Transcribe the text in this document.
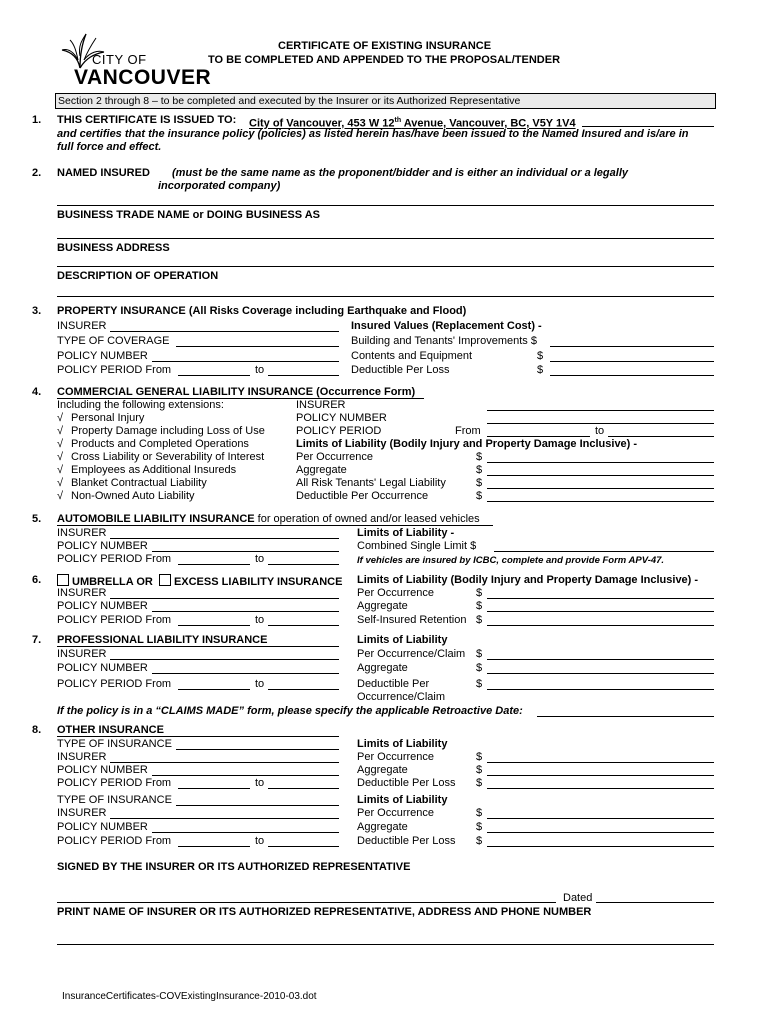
CITY OF
VANCOUVER
CERTIFICATE OF EXISTING INSURANCE
TO BE COMPLETED AND APPENDED TO THE PROPOSAL/TENDER
Section 2 through 8 – to be completed and executed by the Insurer or its Authorized Representative
1. THIS CERTIFICATE IS ISSUED TO: City of Vancouver, 453 W 12th Avenue, Vancouver, BC, V5Y 1V4
and certifies that the insurance policy (policies) as listed herein has/have been issued to the Named Insured and is/are in
full force and effect.
2. NAMED INSURED (must be the same name as the proponent/bidder and is either an individual or a legally
incorporated company)
BUSINESS TRADE NAME or DOING BUSINESS AS
BUSINESS ADDRESS
DESCRIPTION OF OPERATION
3. PROPERTY INSURANCE (All Risks Coverage including Earthquake and Flood)
INSURER
TYPE OF COVERAGE
POLICY NUMBER
POLICY PERIOD From	to
Insured Values (Replacement Cost) -
Building and Tenants' Improvements $
Contents and Equipment	$
Deductible Per Loss	$
4. COMMERCIAL GENERAL LIABILITY INSURANCE (Occurrence Form)
Including the following extensions:
√ Personal Injury
√ Property Damage including Loss of Use
√ Products and Completed Operations
√ Cross Liability or Severability of Interest
√ Employees as Additional Insureds
√ Blanket Contractual Liability
√ Non-Owned Auto Liability
INSURER
POLICY NUMBER
POLICY PERIOD	From	to
Limits of Liability (Bodily Injury and Property Damage Inclusive) -
Per Occurrence	$
Aggregate	$
All Risk Tenants' Legal Liability	$
Deductible Per Occurrence	$
5. AUTOMOBILE LIABILITY INSURANCE for operation of owned and/or leased vehicles
INSURER
POLICY NUMBER
POLICY PERIOD From	to
Limits of Liability -
Combined Single Limit $
If vehicles are insured by ICBC, complete and provide Form APV-47.
6.	UMBRELLA OR EXCESS LIABILITY INSURANCE Limits of Liability (Bodily Injury and Property Damage Inclusive) -
INSURER
POLICY NUMBER
POLICY PERIOD From	to
Per Occurrence	$
Aggregate	$
Self-Insured Retention $
7. PROFESSIONAL LIABILITY INSURANCE	Limits of Liability
INSURER
POLICY NUMBER
POLICY PERIOD From	to
Per Occurrence/Claim $
Aggregate	$
Deductible Per	$
Occurrence/Claim
If the policy is in a “CLAIMS MADE” form, please specify the applicable Retroactive Date:
8. OTHER INSURANCE
TYPE OF INSURANCE
INSURER
POLICY NUMBER
POLICY PERIOD From	to
Limits of Liability
Per Occurrence	$
Aggregate	$
Deductible Per Loss $
TYPE OF INSURANCE
INSURER
POLICY NUMBER
POLICY PERIOD From	to
Limits of Liability
Per Occurrence	$
Aggregate	$
Deductible Per Loss $
SIGNED BY THE INSURER OR ITS AUTHORIZED REPRESENTATIVE
Dated
PRINT NAME OF INSURER OR ITS AUTHORIZED REPRESENTATIVE, ADDRESS AND PHONE NUMBER
InsuranceCertificates-COVExistingInsurance-2010-03.dot
